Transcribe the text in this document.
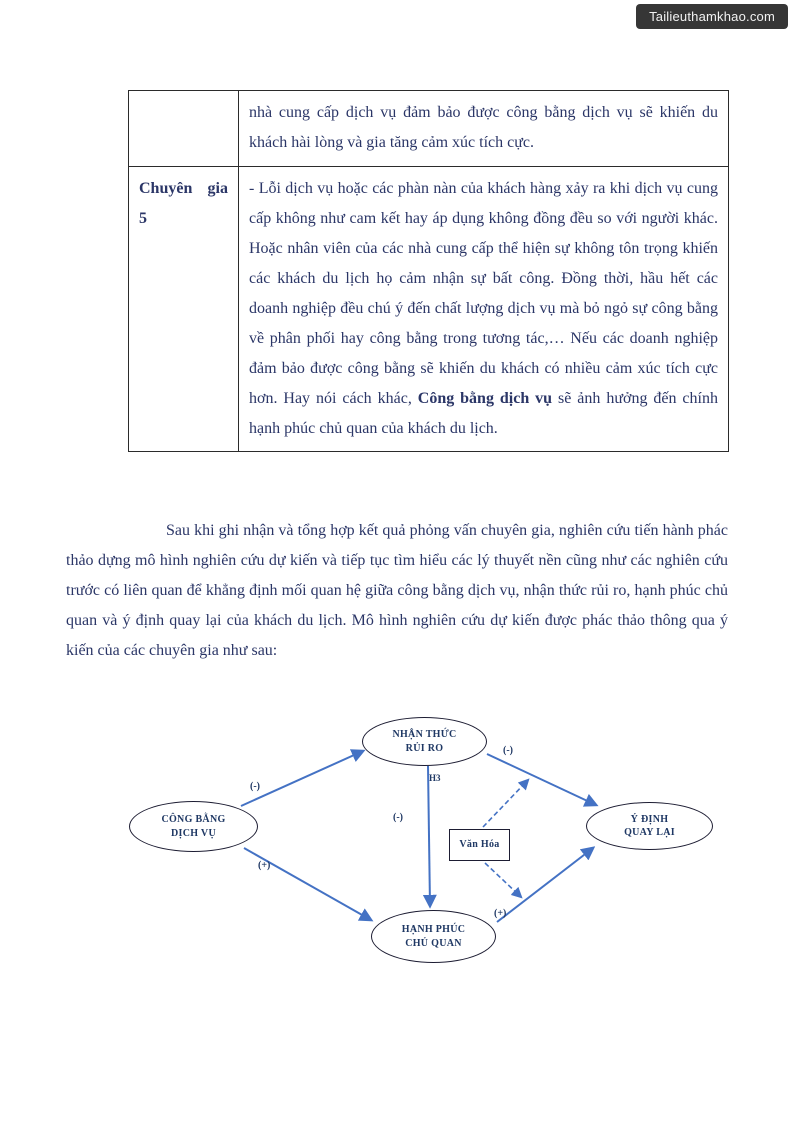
Tailieuthamkhao.com

	nhà cung cấp dịch vụ đảm bảo được công bằng dịch vụ sẽ khiến du khách hài lòng và gia tăng cảm xúc tích cực.

Chuyên gia 5	- Lỗi dịch vụ hoặc các phàn nàn của khách hàng xảy ra khi dịch vụ cung cấp không như cam kết hay áp dụng không đồng đều so với người khác. Hoặc nhân viên của các nhà cung cấp thể hiện sự không tôn trọng khiến các khách du lịch họ cảm nhận sự bất công. Đồng thời, hầu hết các doanh nghiệp đều chú ý đến chất lượng dịch vụ mà bỏ ngỏ sự công bằng về phân phối hay công bằng trong tương tác,… Nếu các doanh nghiệp đảm bảo được công bằng sẽ khiến du khách có nhiều cảm xúc tích cực hơn. Hay nói cách khác, Công bằng dịch vụ sẽ ảnh hưởng đến chính hạnh phúc chủ quan của khách du lịch.

Sau khi ghi nhận và tổng hợp kết quả phỏng vấn chuyên gia, nghiên cứu tiến hành phác thảo dựng mô hình nghiên cứu dự kiến và tiếp tục tìm hiểu các lý thuyết nền cũng như các nghiên cứu trước có liên quan để khẳng định mối quan hệ giữa công bằng dịch vụ, nhận thức rủi ro, hạnh phúc chủ quan và ý định quay lại của khách du lịch. Mô hình nghiên cứu dự kiến được phác thảo thông qua ý kiến của các chuyên gia như sau:

NHẬN THỨC
RỦI RO
CÔNG BẰNG
DỊCH VỤ
Ý ĐỊNH
QUAY LẠI
HẠNH PHÚC
CHỦ QUAN
Văn Hóa
(-)
(+)
H3
(-)
(-)
(+)
